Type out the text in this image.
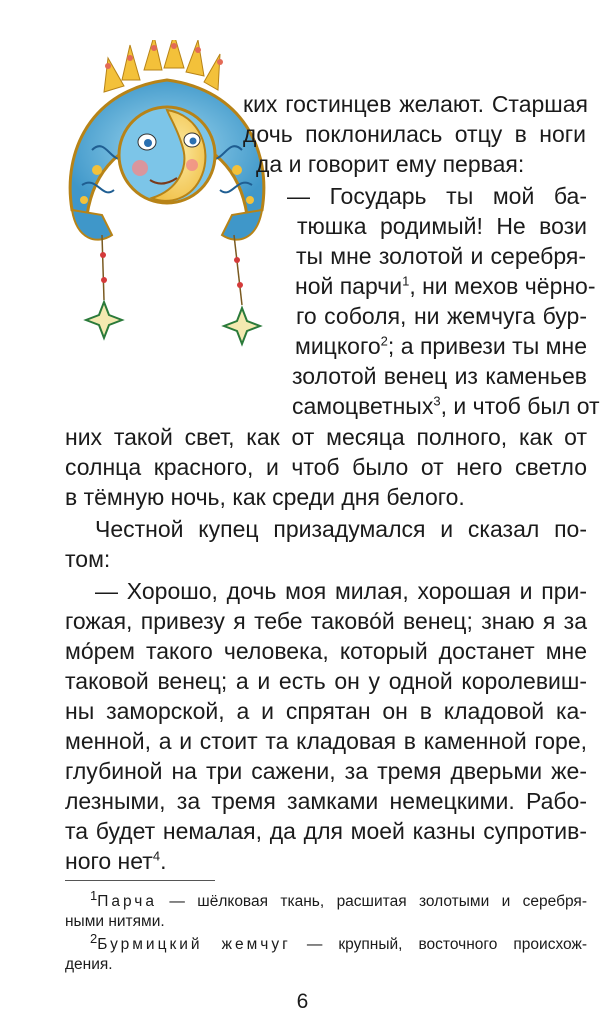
ких гостинцев желают. Старшая
дочь поклонилась отцу в ноги
да и говорит ему первая:
— Государь ты мой ба-
тюшка родимый! Не вози
ты мне золотой и серебря-
ной парчи$^1$, ни мехов чёрно-
го соболя, ни жемчуга бур-
мицкого$^2$; а привези ты мне
золотой венец из каменьев
самоцветных$^3$, и чтоб был от
них такой свет, как от месяца полного, как от
солнца красного, и чтоб было от него светло
в тёмную ночь, как среди дня белого.
Честной купец призадумался и сказал по-
том:
— Хорошо, дочь моя милая, хорошая и при-
гожая, привезу я тебе таково́й венец; знаю я за
мо́рем такого человека, который достанет мне
таковой венец; а и есть он у одной королевиш-
ны заморской, а и спрятан он в кладовой ка-
менной, а и стоит та кладовая в каменной горе,
глубиной на три сажени, за тремя дверьми же-
лезными, за тремя замками немецкими. Рабо-
та будет немалая, да для моей казны супротив-
ного нет$^4$.
$^1$Парча — шёлковая ткань, расшитая золотыми и серебря-
ными нитями.
$^2$Бурмицкий жемчуг — крупный, восточного происхож-
дения.
6
